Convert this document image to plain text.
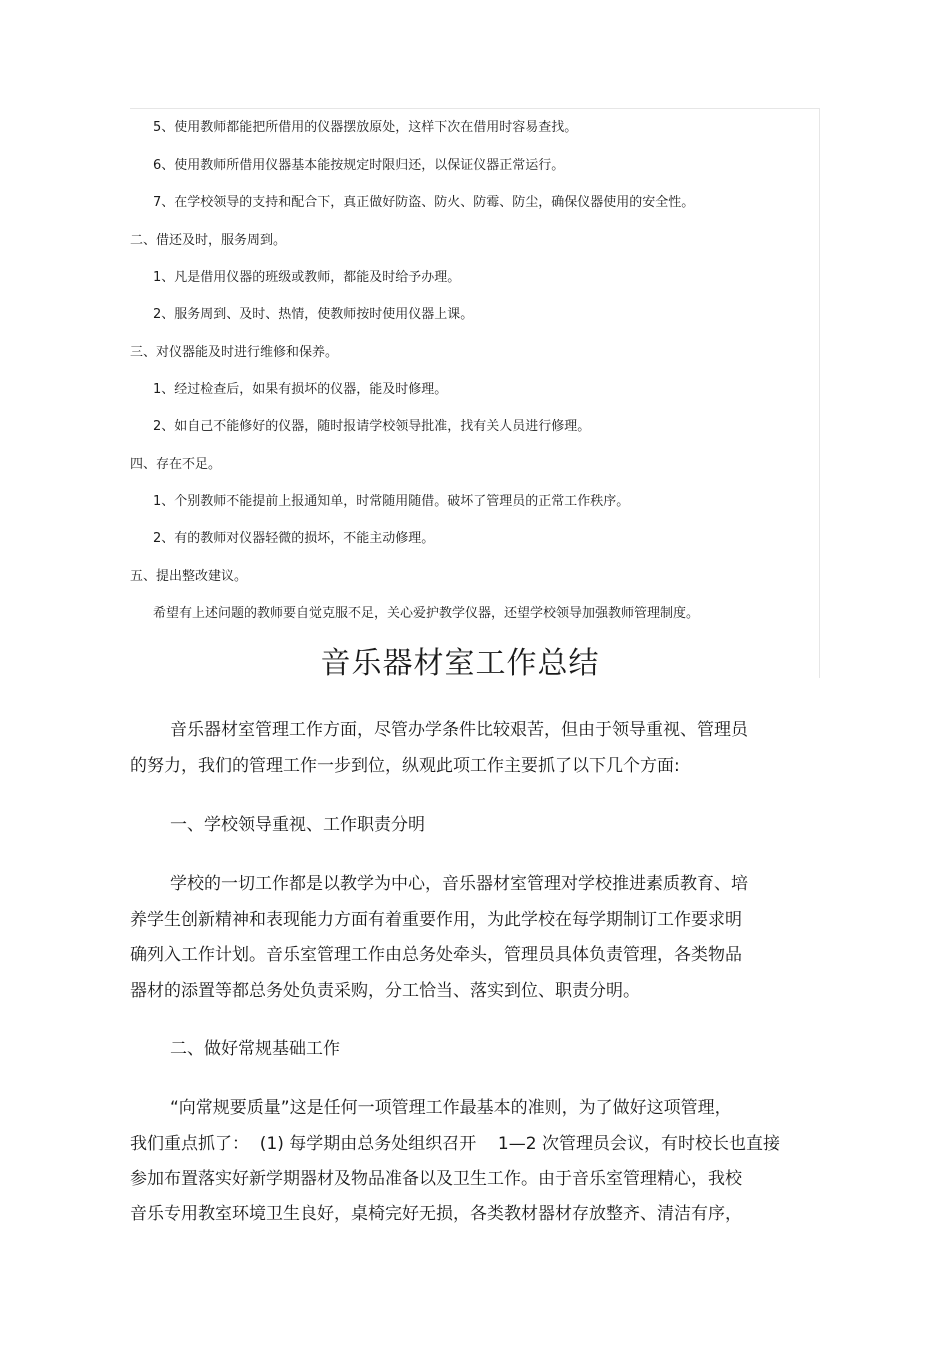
5、使用教师都能把所借用的仪器摆放原处，这样下次在借用时容易查找。
6、使用教师所借用仪器基本能按规定时限归还，以保证仪器正常运行。
7、在学校领导的支持和配合下，真正做好防盗、防火、防霉、防尘，确保仪器使用的安全性。
二、借还及时，服务周到。
1、凡是借用仪器的班级或教师，都能及时给予办理。
2、服务周到、及时、热情，使教师按时使用仪器上课。
三、对仪器能及时进行维修和保养。
1、经过检查后，如果有损坏的仪器，能及时修理。
2、如自己不能修好的仪器，随时报请学校领导批准，找有关人员进行修理。
四、存在不足。
1、个别教师不能提前上报通知单，时常随用随借。破坏了管理员的正常工作秩序。
2、有的教师对仪器轻微的损坏，不能主动修理。
五、提出整改建议。
希望有上述问题的教师要自觉克服不足，关心爱护教学仪器，还望学校领导加强教师管理制度。
音乐器材室工作总结
音乐器材室管理工作方面，尽管办学条件比较艰苦，但由于领导重视、管理员
的努力，我们的管理工作一步到位，纵观此项工作主要抓了以下几个方面:
一、学校领导重视、工作职责分明
学校的一切工作都是以教学为中心，音乐器材室管理对学校推进素质教育、培
养学生创新精神和表现能力方面有着重要作用，为此学校在每学期制订工作要求明
确列入工作计划。音乐室管理工作由总务处牵头，管理员具体负责管理，各类物品
器材的添置等都总务处负责采购，分工恰当、落实到位、职责分明。
二、做好常规基础工作
“向常规要质量”这是任何一项管理工作最基本的准则，为了做好这项管理，
我们重点抓了：  (1) 每学期由总务处组织召开    1—2 次管理员会议，有时校长也直接
参加布置落实好新学期器材及物品准备以及卫生工作。由于音乐室管理精心，我校
音乐专用教室环境卫生良好，桌椅完好无损，各类教材器材存放整齐、清洁有序，
